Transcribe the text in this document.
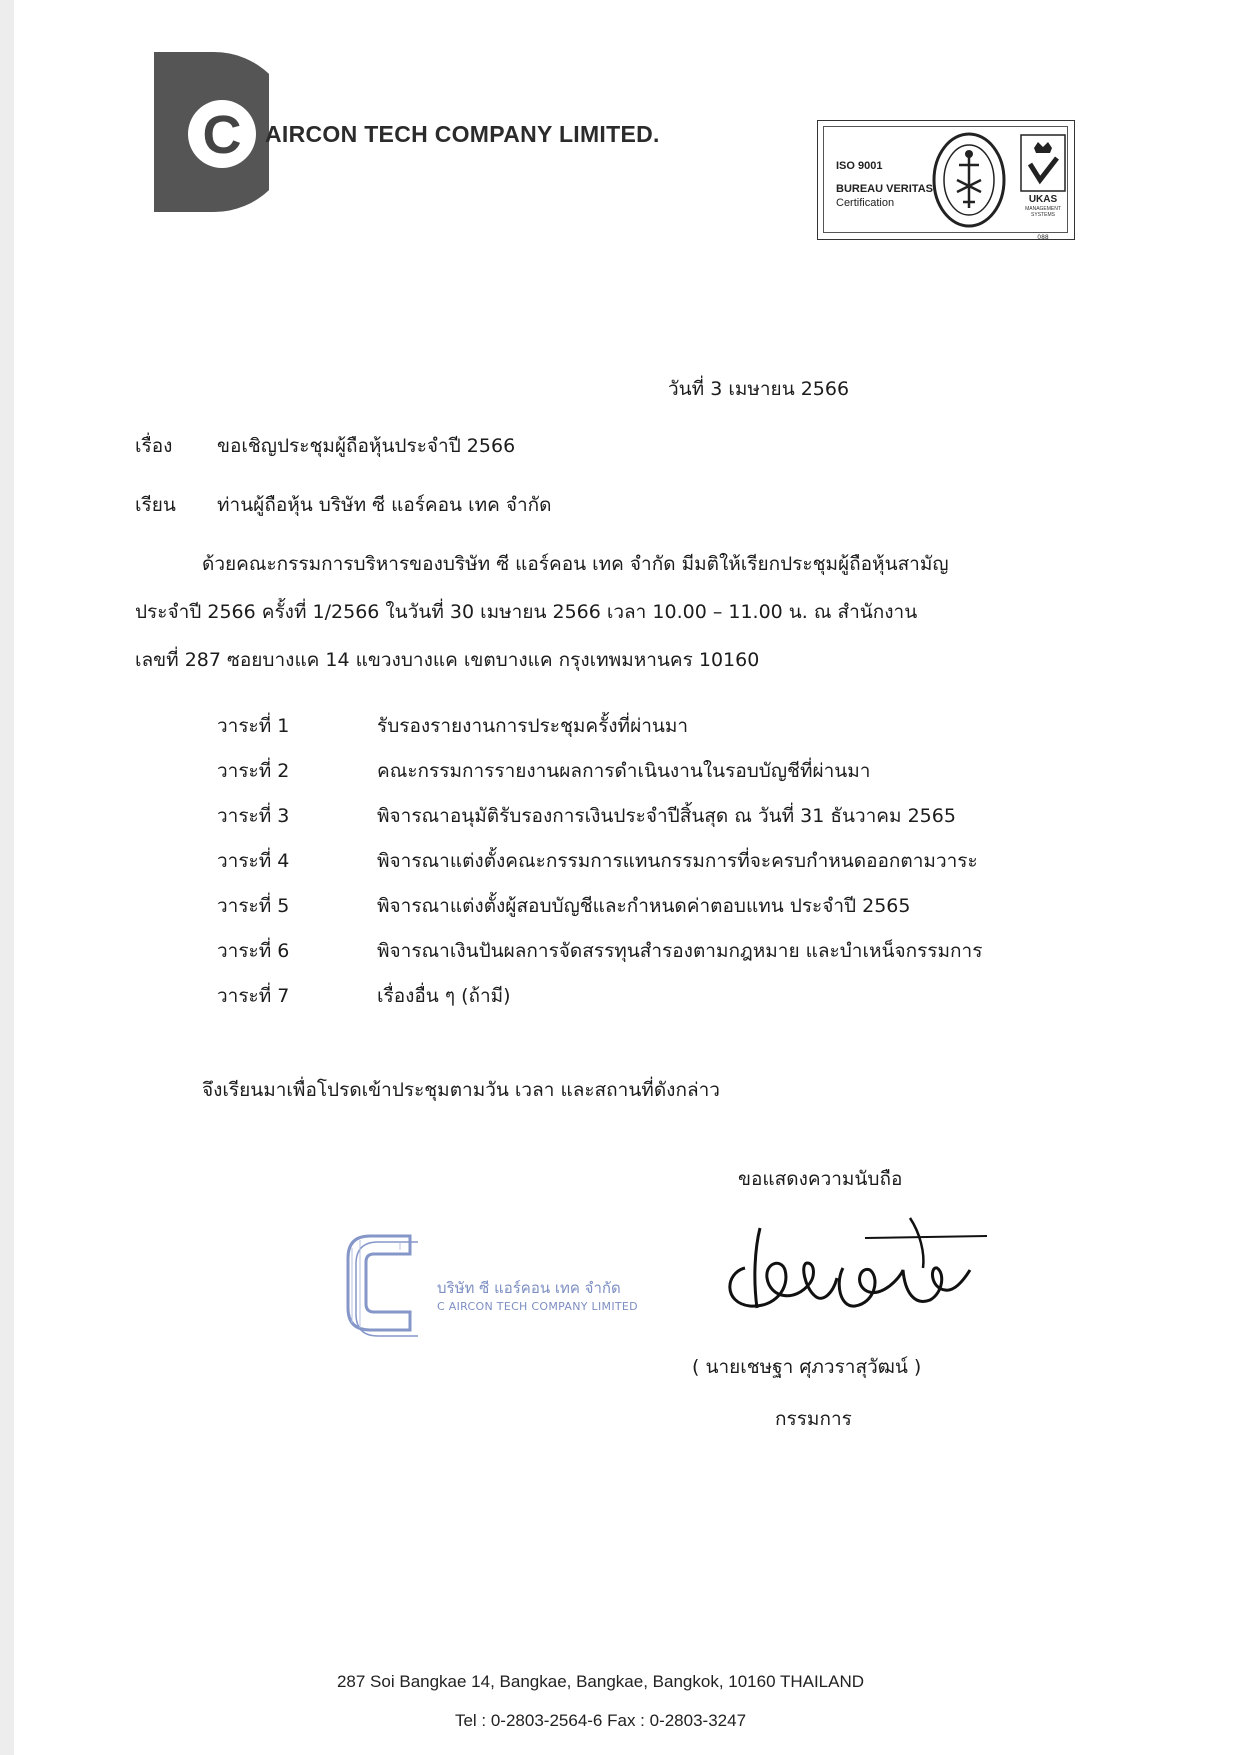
C AIRCON TECH COMPANY LIMITED.
ISO 9001
BUREAU VERITAS
Certification	UKAS
MANAGEMENT SYSTEMS
088
วันที่ 3 เมษายน 2566
เรื่อง ขอเชิญประชุมผู้ถือหุ้นประจำปี 2566
เรียน ท่านผู้ถือหุ้น บริษัท ซี แอร์คอน เทค จำกัด
ด้วยคณะกรรมการบริหารของบริษัท ซี แอร์คอน เทค จำกัด มีมติให้เรียกประชุมผู้ถือหุ้นสามัญ
ประจำปี 2566 ครั้งที่ 1/2566 ในวันที่ 30 เมษายน 2566 เวลา 10.00 – 11.00 น. ณ สำนักงาน
เลขที่ 287 ซอยบางแค 14 แขวงบางแค เขตบางแค กรุงเทพมหานคร 10160
วาระที่ 1	รับรองรายงานการประชุมครั้งที่ผ่านมา
วาระที่ 2	คณะกรรมการรายงานผลการดำเนินงานในรอบบัญชีที่ผ่านมา
วาระที่ 3	พิจารณาอนุมัติรับรองการเงินประจำปีสิ้นสุด ณ วันที่ 31 ธันวาคม 2565
วาระที่ 4	พิจารณาแต่งตั้งคณะกรรมการแทนกรรมการที่จะครบกำหนดออกตามวาระ
วาระที่ 5	พิจารณาแต่งตั้งผู้สอบบัญชีและกำหนดค่าตอบแทน ประจำปี 2565
วาระที่ 6	พิจารณาเงินปันผลการจัดสรรทุนสำรองตามกฎหมาย และบำเหน็จกรรมการ
วาระที่ 7	เรื่องอื่น ๆ (ถ้ามี)
จึงเรียนมาเพื่อโปรดเข้าประชุมตามวัน เวลา และสถานที่ดังกล่าว
ขอแสดงความนับถือ
บริษัท ซี แอร์คอน เทค จำกัด
C AIRCON TECH COMPANY LIMITED
( นายเชษฐา ศุภวราสุวัฒน์ )
กรรมการ
287 Soi Bangkae 14, Bangkae, Bangkae, Bangkok, 10160 THAILAND
Tel : 0-2803-2564-6 Fax : 0-2803-3247
